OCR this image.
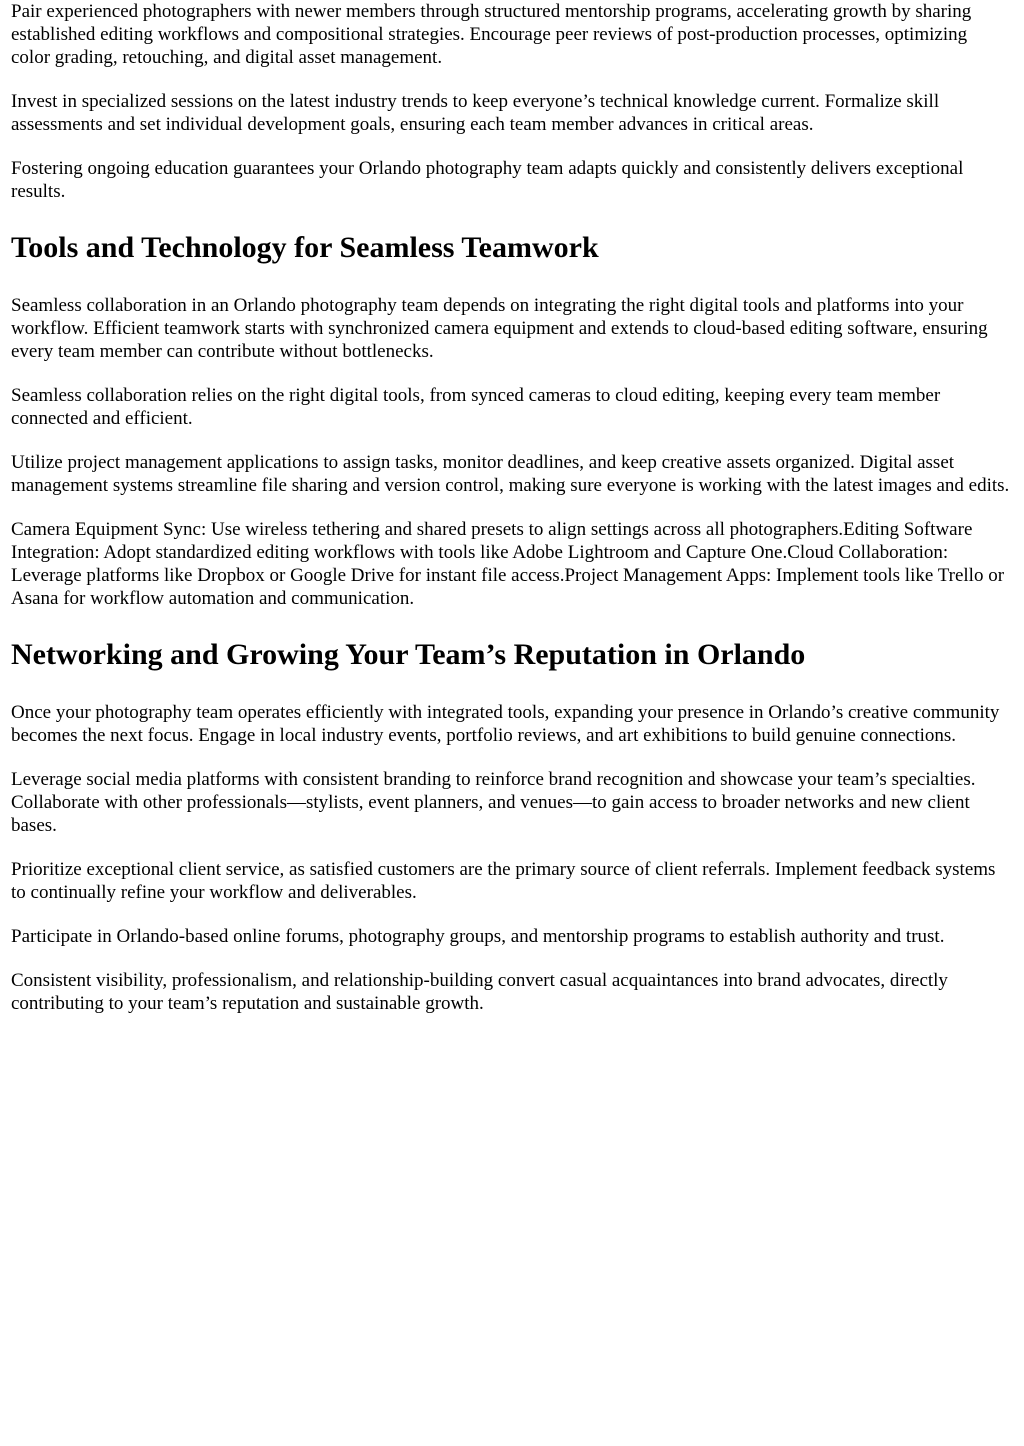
Pair experienced photographers with newer members through structured mentorship programs, accelerating growth by sharing established editing workflows and compositional strategies. Encourage peer reviews of post-production processes, optimizing color grading, retouching, and digital asset management.

Invest in specialized sessions on the latest industry trends to keep everyone’s technical knowledge current. Formalize skill assessments and set individual development goals, ensuring each team member advances in critical areas.

Fostering ongoing education guarantees your Orlando photography team adapts quickly and consistently delivers exceptional results.

Tools and Technology for Seamless Teamwork

Seamless collaboration in an Orlando photography team depends on integrating the right digital tools and platforms into your workflow. Efficient teamwork starts with synchronized camera equipment and extends to cloud-based editing software, ensuring every team member can contribute without bottlenecks.

Seamless collaboration relies on the right digital tools, from synced cameras to cloud editing, keeping every team member connected and efficient.

Utilize project management applications to assign tasks, monitor deadlines, and keep creative assets organized. Digital asset management systems streamline file sharing and version control, making sure everyone is working with the latest images and edits.

Camera Equipment Sync: Use wireless tethering and shared presets to align settings across all photographers.Editing Software Integration: Adopt standardized editing workflows with tools like Adobe Lightroom and Capture One.Cloud Collaboration: Leverage platforms like Dropbox or Google Drive for instant file access.Project Management Apps: Implement tools like Trello or Asana for workflow automation and communication.

Networking and Growing Your Team’s Reputation in Orlando

Once your photography team operates efficiently with integrated tools, expanding your presence in Orlando’s creative community becomes the next focus. Engage in local industry events, portfolio reviews, and art exhibitions to build genuine connections.

Leverage social media platforms with consistent branding to reinforce brand recognition and showcase your team’s specialties. Collaborate with other professionals—stylists, event planners, and venues—to gain access to broader networks and new client bases.

Prioritize exceptional client service, as satisfied customers are the primary source of client referrals. Implement feedback systems to continually refine your workflow and deliverables.

Participate in Orlando-based online forums, photography groups, and mentorship programs to establish authority and trust.

Consistent visibility, professionalism, and relationship-building convert casual acquaintances into brand advocates, directly contributing to your team’s reputation and sustainable growth.
